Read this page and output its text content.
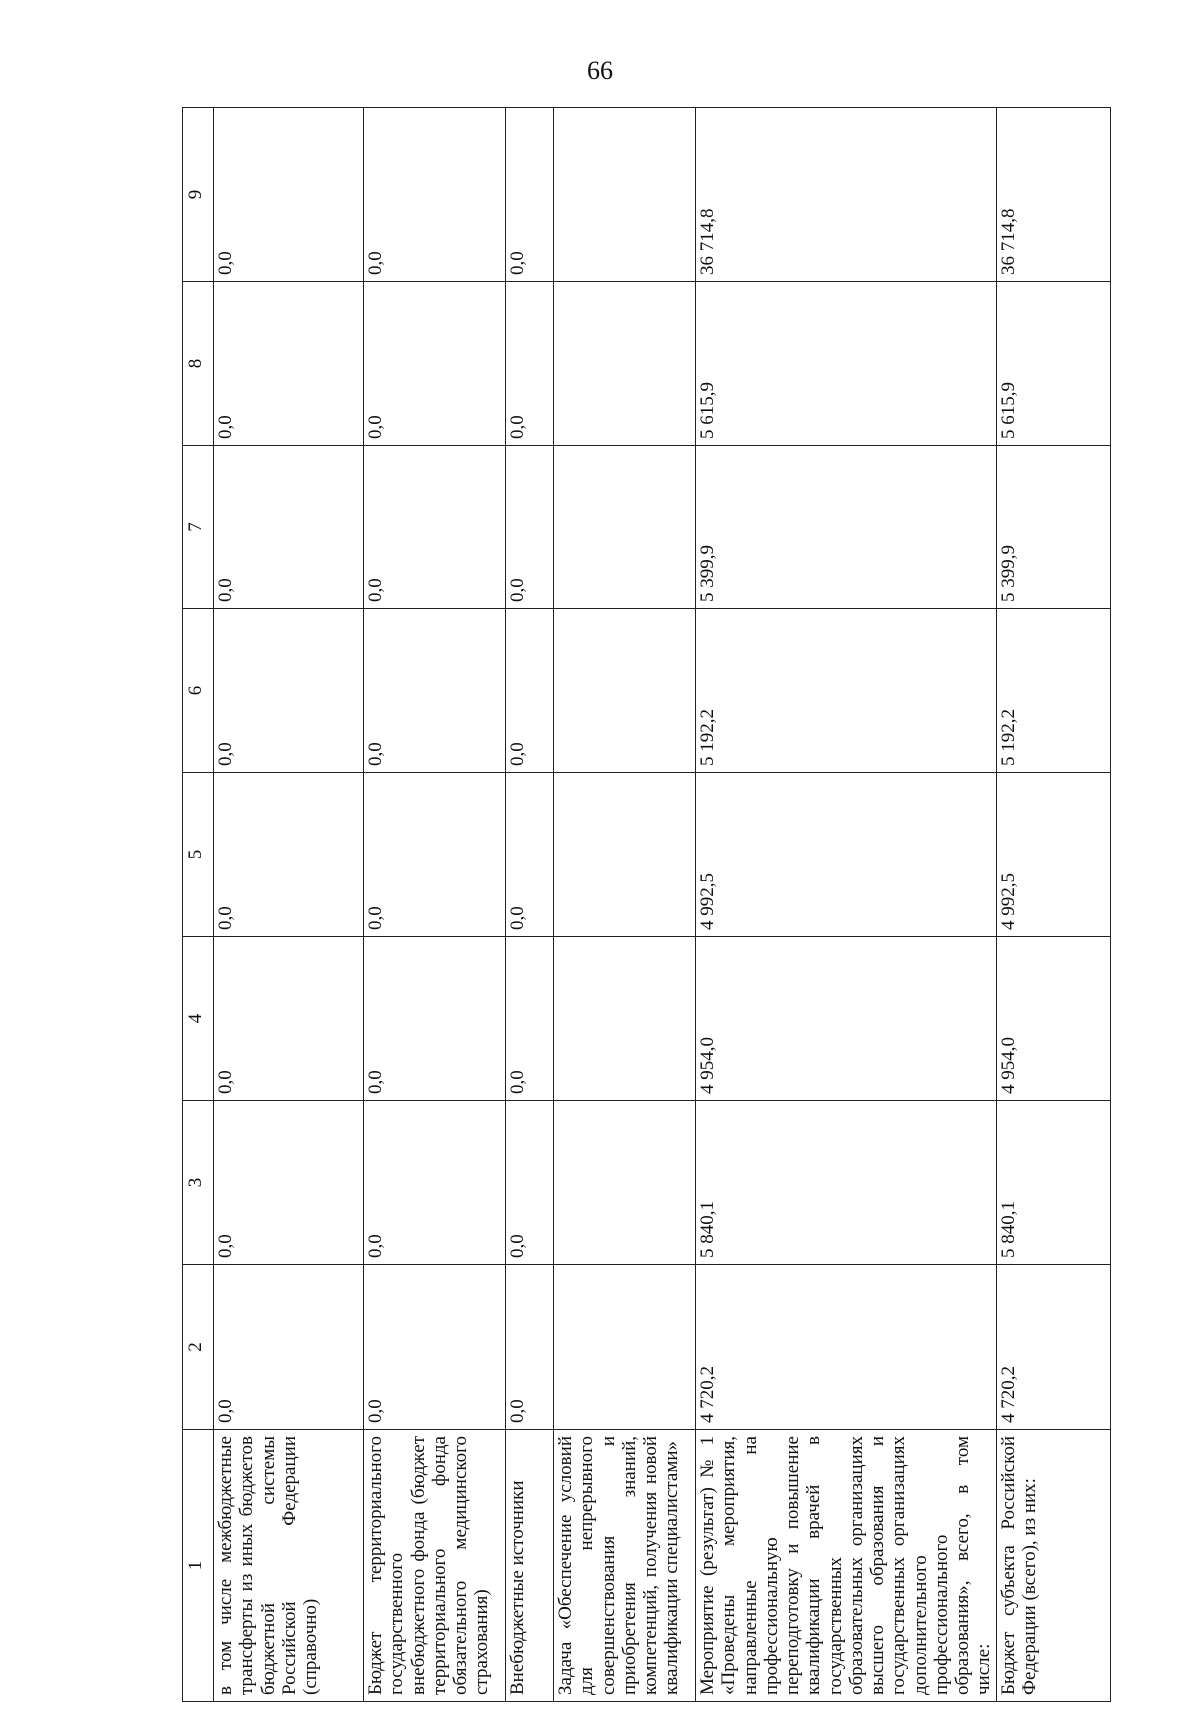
66
1	2	3	4	5	6	7	8	9
в том числе межбюджетные трансферты из иных бюджетов бюджетной системы Российской Федерации (справочно)	0,0	0,0	0,0	0,0	0,0	0,0	0,0	0,0
Бюджет территориального государственного внебюджетного фонда (бюджет территориального фонда обязательного медицинского страхования)	0,0	0,0	0,0	0,0	0,0	0,0	0,0	0,0
Внебюджетные источники	0,0	0,0	0,0	0,0	0,0	0,0	0,0	0,0
Задача «Обеспечение условий для непрерывного совершенствования и приобретения знаний, компетенций, получения новой квалификации специалистами»								
Мероприятие (результат) № 1 «Проведены мероприятия, направленные на профессиональную переподготовку и повышение квалификации врачей в государственных образовательных организациях высшего образования и государственных организациях дополнительного профессионального образования», всего, в том числе:	4 720,2	5 840,1	4 954,0	4 992,5	5 192,2	5 399,9	5 615,9	36 714,8
Бюджет субъекта Российской Федерации (всего), из них:	4 720,2	5 840,1	4 954,0	4 992,5	5 192,2	5 399,9	5 615,9	36 714,8
